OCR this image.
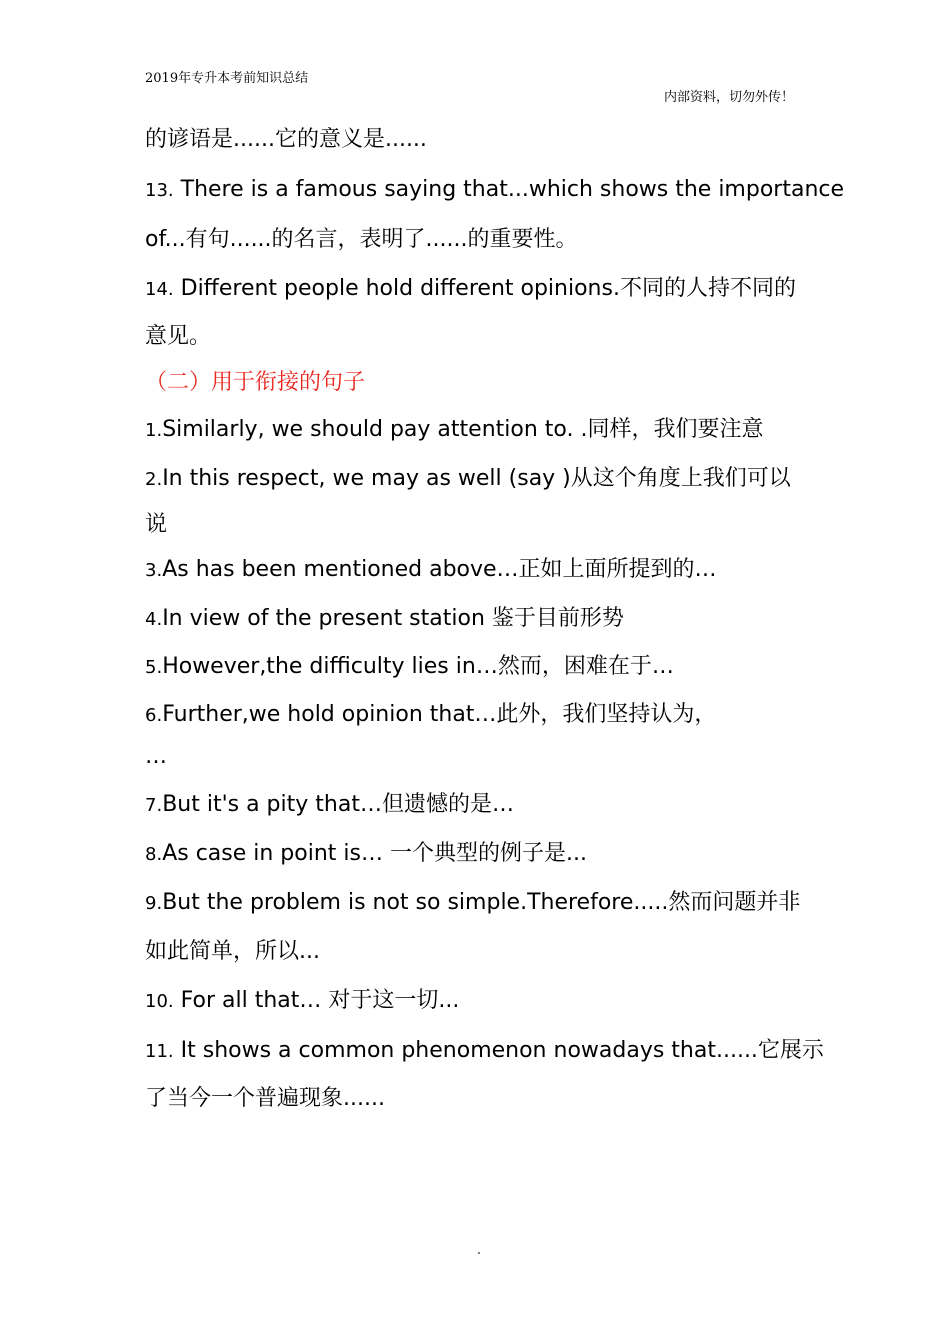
2019年专升本考前知识总结
内部资料，切勿外传！
的谚语是......它的意义是......
13. There is a famous saying that...which shows the importance
of...有句......的名言，表明了......的重要性。
14. Different people hold different opinions.不同的人持不同的
意见。
（二）用于衔接的句子
1.Similarly, we should pay attention to. .同样，我们要注意
2.In this respect, we may as well (say )从这个角度上我们可以
说
3.As has been mentioned above…正如上面所提到的…
4.In view of the present station 鉴于目前形势
5.However,the difficulty lies in…然而，困难在于…
6.Further,we hold opinion that…此外，我们坚持认为，
…
7.But it's a pity that…但遗憾的是…
8.As case in point is… 一个典型的例子是...
9.But the problem is not so simple.Therefore.....然而问题并非
如此简单，所以...
10. For all that… 对于这一切...
11. It shows a common phenomenon nowadays that......它展示
了当今一个普遍现象......
